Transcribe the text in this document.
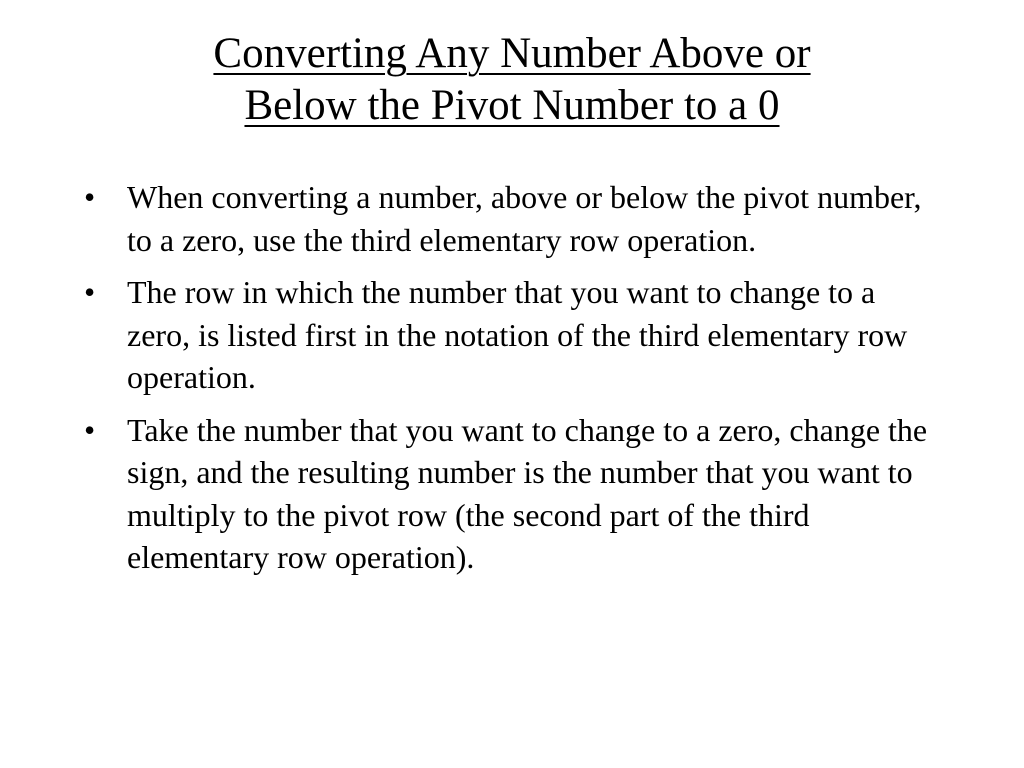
Converting Any Number Above or
Below the Pivot Number to a 0
• When converting a number, above or below the pivot number, to a zero, use the third elementary row operation.
• The row in which the number that you want to change to a zero, is listed first in the notation of the third elementary row operation.
• Take the number that you want to change to a zero, change the sign, and the resulting number is the number that you want to multiply to the pivot row (the second part of the third elementary row operation).
